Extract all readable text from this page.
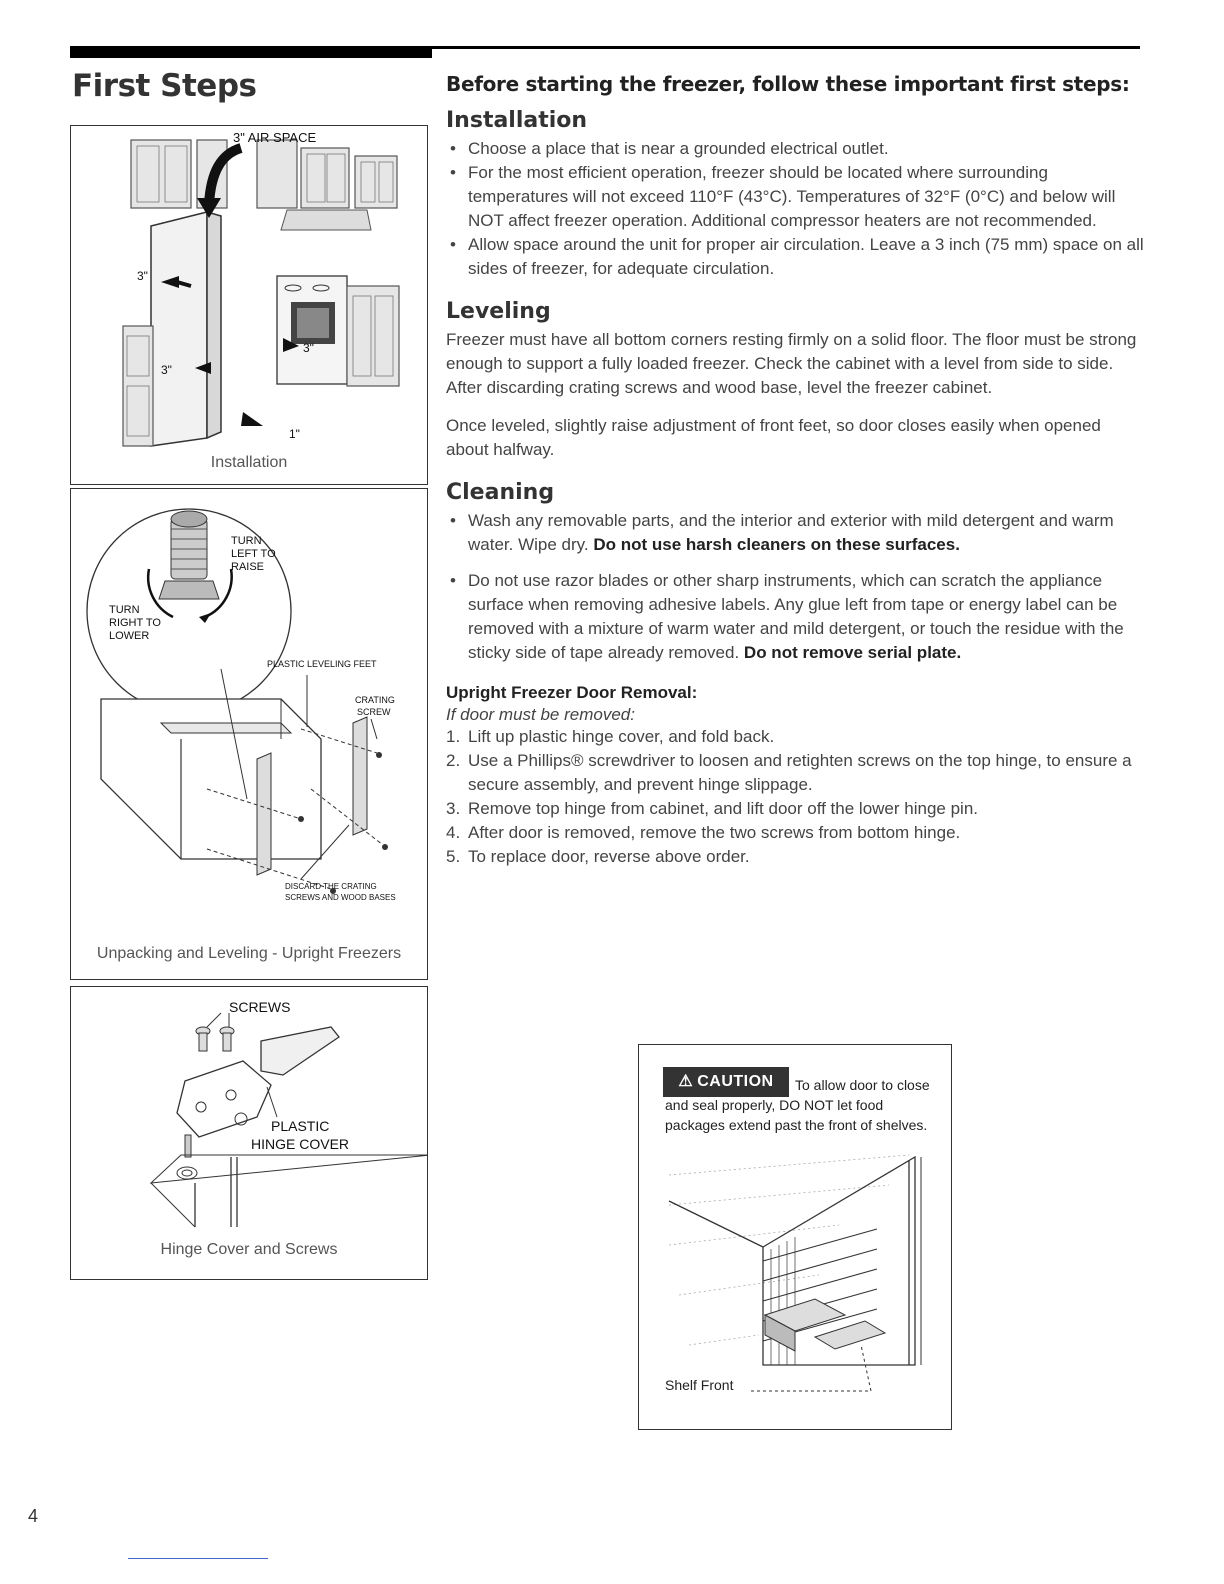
First Steps
3" AIR SPACE
3"
3"
3"
1"
Installation
TURN
LEFT TO
RAISE
TURN
RIGHT TO
LOWER
PLASTIC LEVELING FEET
CRATING
SCREW
DISCARD THE CRATING
SCREWS AND WOOD BASES
Unpacking and Leveling - Upright Freezers
SCREWS
PLASTIC
HINGE COVER
Hinge Cover and Screws
Before starting the freezer, follow these important first steps:
Installation
• Choose a place that is near a grounded electrical outlet.
• For the most efficient operation, freezer should be located where surrounding temperatures will not exceed 110°F (43°C). Temperatures of 32°F (0°C) and below will NOT affect freezer operation. Additional compressor heaters are not recommended.
• Allow space around the unit for proper air circulation. Leave a 3 inch (75 mm) space on all sides of freezer, for adequate circulation.
Leveling

Freezer must have all bottom corners resting firmly on a solid floor. The floor must be strong enough to support a fully loaded freezer. Check the cabinet with a level from side to side. After discarding crating screws and wood base, level the freezer cabinet.

Once leveled, slightly raise adjustment of front feet, so door closes easily when opened about halfway.

Cleaning
• Wash any removable parts, and the interior and exterior with mild detergent and warm water. Wipe dry. Do not use harsh cleaners on these surfaces.
• Do not use razor blades or other sharp instruments, which can scratch the appliance surface when removing adhesive labels. Any glue left from tape or energy label can be removed with a mixture of warm water and mild detergent, or touch the residue with the sticky side of tape already removed. Do not remove serial plate.
Upright Freezer Door Removal:
If door must be removed:
1. Lift up plastic hinge cover, and fold back.
2. Use a Phillips® screwdriver to loosen and retighten screws on the top hinge, to ensure a secure assembly, and prevent hinge slippage.
3. Remove top hinge from cabinet, and lift door off the lower hinge pin.
4. After door is removed, remove the two screws from bottom hinge.
5. To replace door, reverse above order.
To allow door to close and seal properly, DO NOT let food packages extend past the front of shelves.
⚠ CAUTION
Shelf Front
4
